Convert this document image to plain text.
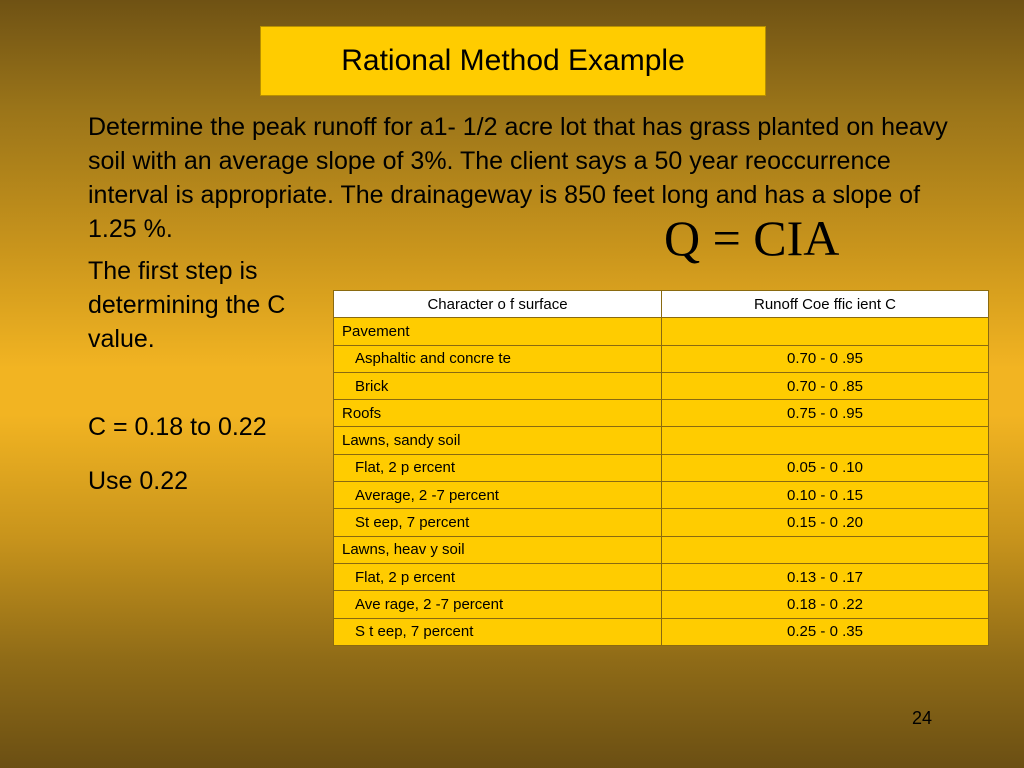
Rational Method Example

Determine the peak runoff for a1- 1/2 acre lot that has grass planted on heavy soil with an average slope of 3%. The client says a 50 year reoccurrence interval is appropriate. The drainageway is 850 feet long and has a slope of 1.25 %.	Q = CIA

The first step is determining the C value.

C = 0.18 to 0.22

Use 0.22

Character o f surface	Runoff Coe ffic ient C
Pavement	
Asphaltic and concre te	0.70 - 0 .95
Brick	0.70 - 0 .85
Roofs	0.75 - 0 .95
Lawns, sandy soil	
Flat, 2 p ercent	0.05 - 0 .10
Average, 2 -7 percent	0.10 - 0 .15
St eep, 7 percent	0.15 - 0 .20
Lawns, heav y soil	
Flat, 2 p ercent	0.13 - 0 .17
Ave rage, 2 -7 percent	0.18 - 0 .22
S t eep, 7 percent	0.25 - 0 .35
24
